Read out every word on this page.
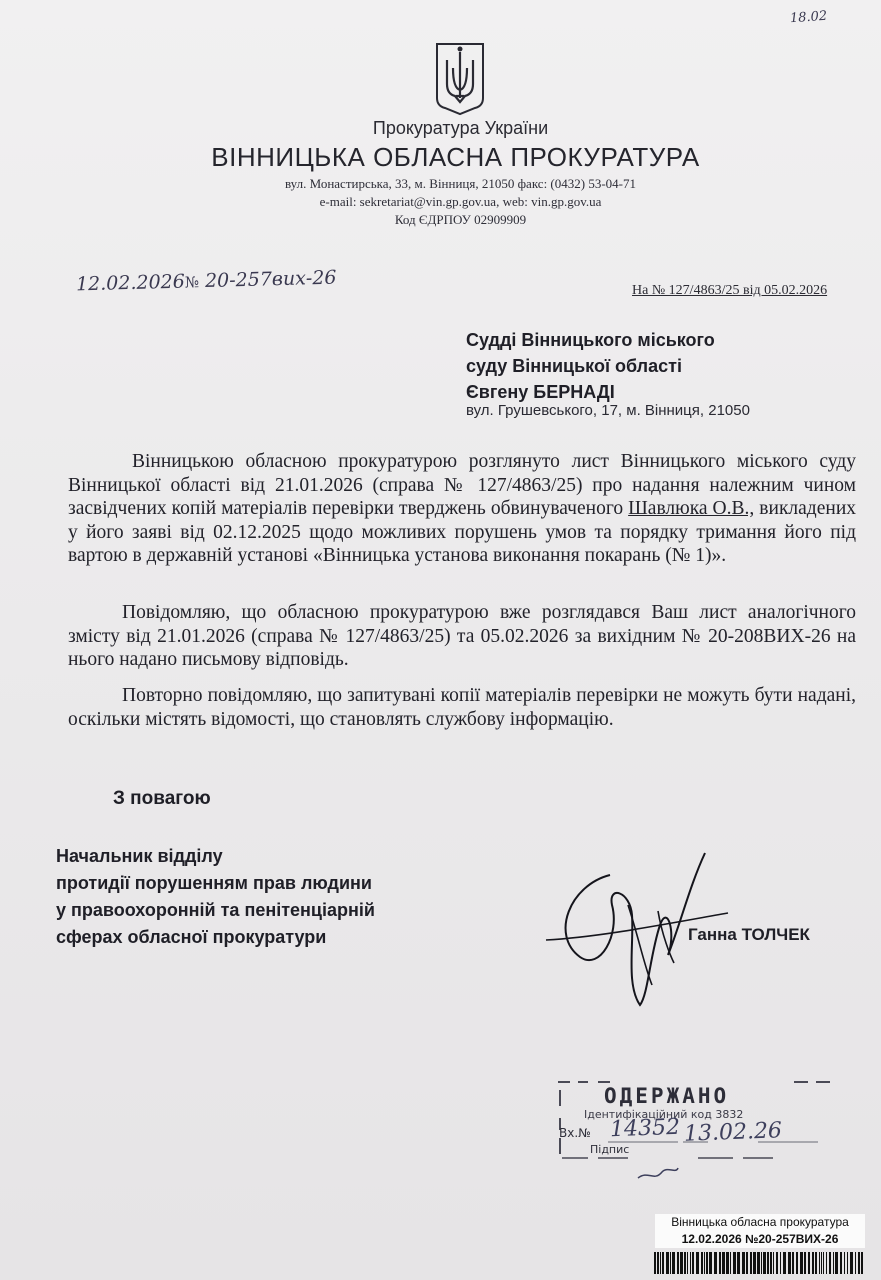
18.02
Прокуратура України
ВІННИЦЬКА ОБЛАСНА ПРОКУРАТУРА
вул. Монастирська, 33, м. Вінниця, 21050 факс: (0432) 53-04-71
e-mail: sekretariat@vin.gp.gov.ua, web: vin.gp.gov.ua
Код ЄДРПОУ 02909909
12.02.2026№ 20-257вих-26	На № 127/4863/25 від 05.02.2026
Судді Вінницького міського
суду Вінницької області
Євгену БЕРНАДІ
вул. Грушевського, 17, м. Вінниця, 21050
Вінницькою обласною прокуратурою розглянуто лист Вінницького міського суду Вінницької області від 21.01.2026 (справа № 127/4863/25) про надання належним чином засвідчених копій матеріалів перевірки тверджень обвинуваченого Шавлюка О.В., викладених у його заяві від 02.12.2025 щодо можливих порушень умов та порядку тримання його під вартою в державній установі «Вінницька установа виконання покарань (№ 1)».
Повідомляю, що обласною прокуратурою вже розглядався Ваш лист аналогічного змісту від 21.01.2026 (справа № 127/4863/25) та 05.02.2026 за вихідним № 20-208ВИХ-26 на нього надано письмову відповідь.
Повторно повідомляю, що запитувані копії матеріалів перевірки не можуть бути надані, оскільки містять відомості, що становлять службову інформацію.
З повагою
Начальник відділу
протидії порушенням прав людини
у правоохоронній та пенітенціарній
сферах обласної прокуратури	Ганна ТОЛЧЕК
ОДЕРЖАНО
Ідентифікаційний код 3832
Вх.№ 14352 13.02.26
Підпис
Вінницька обласна прокуратура
12.02.2026 №20-257ВИХ-26
